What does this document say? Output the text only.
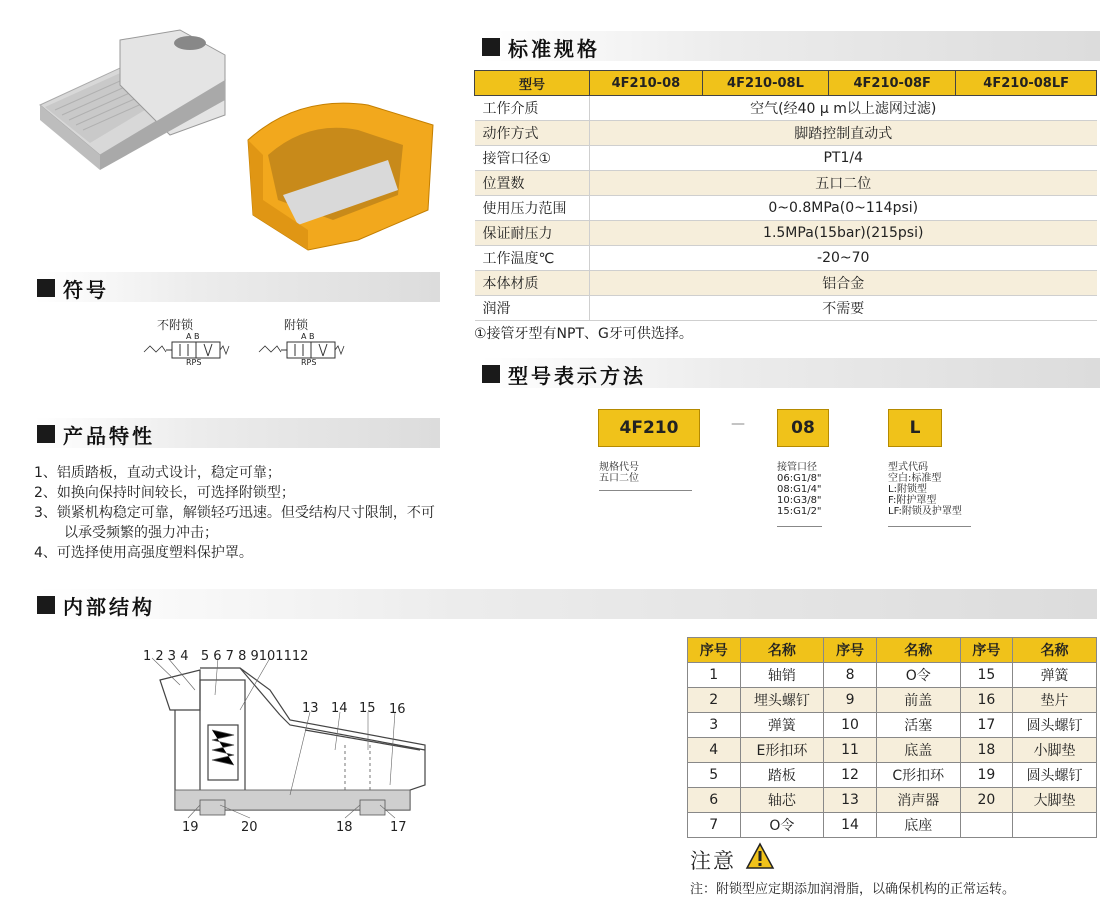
符号
不附锁	附锁
A B
RPS
A B
RPS
产品特性
1、铝质踏板，直动式设计，稳定可靠；
2、如换向保持时间较长，可选择附锁型；
3、锁紧机构稳定可靠，解锁轻巧迅速。但受结构尺寸限制，不可
以承受频繁的强力冲击；
4、可选择使用高强度塑料保护罩。
标准规格
型号	4F210-08	4F210-08L	4F210-08F	4F210-08LF
工作介质	空气(经40 μ m以上滤网过滤)			
动作方式	脚踏控制直动式			
接管口径①	PT1/4			
位置数	五口二位			
使用压力范围	0~0.8MPa(0~114psi)			
保证耐压力	1.5MPa(15bar)(215psi)			
工作温度℃	-20~70			
本体材质	铝合金			
润滑	不需要			
①接管牙型有NPT、G牙可供选择。
型号表示方法
4F210	—	08	L
规格代号
五口二位
接管口径
06:G1/8"
08:G1/4"
10:G3/8"
15:G1/2"
型式代码
空白:标准型
L:附锁型
F:附护罩型
LF:附锁及护罩型
内部结构
1 2 3 4   5 6 7 8 9101112
13 14 15 16
19	20	18	17
序号	名称	序号	名称	序号	名称
1	轴销	8	O令	15	弹簧
2	埋头螺钉	9	前盖	16	垫片
3	弹簧	10	活塞	17	圆头螺钉
4	E形扣环	11	底盖	18	小脚垫
5	踏板	12	C形扣环	19	圆头螺钉
6	轴芯	13	消声器	20	大脚垫
7	O令	14	底座		
注意
注：附锁型应定期添加润滑脂，以确保机构的正常运转。
